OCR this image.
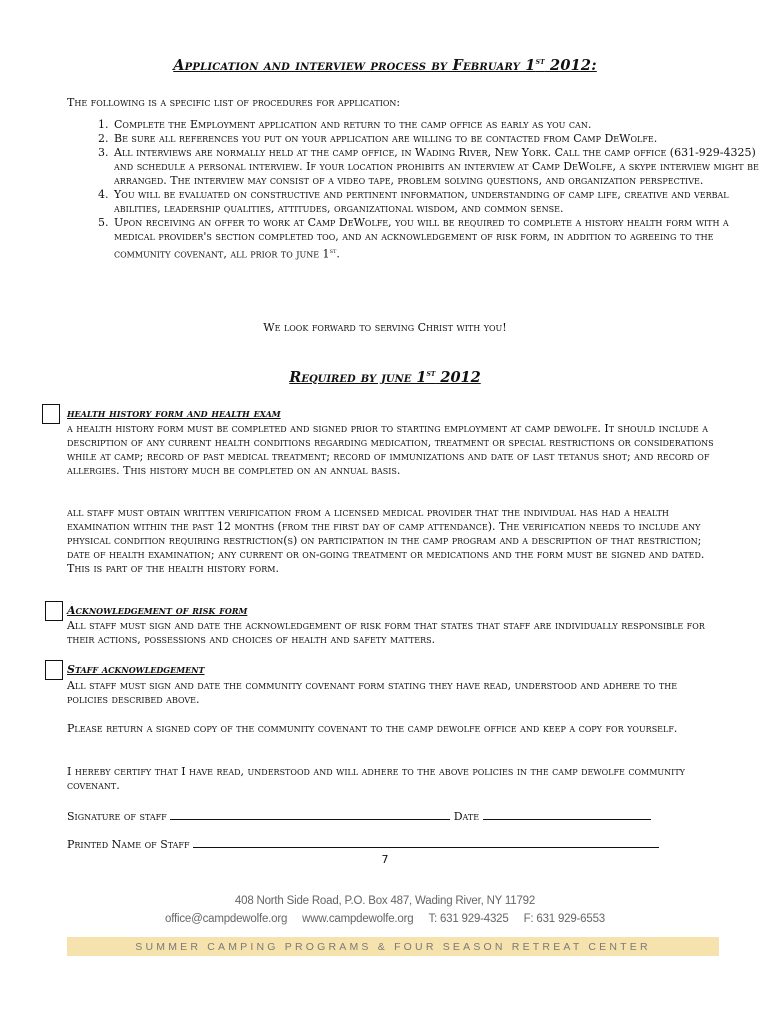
Application and interview process by February 1st 2012:
The following is a specific list of procedures for application:
1. Complete the Employment application and return to the camp office as early as you can.
2. Be sure all references you put on your application are willing to be contacted from Camp DeWolfe.
3. All interviews are normally held at the camp office, in Wading River, New York. Call the camp office (631-929-4325) and schedule a personal interview. If your location prohibits an interview at Camp DeWolfe, a skype interview might be arranged. The interview may consist of a video tape, problem solving questions, and organization perspective.
4. You will be evaluated on constructive and pertinent information, understanding of camp life, creative and verbal abilities, leadership qualities, attitudes, organizational wisdom, and common sense.
5. Upon receiving an offer to work at Camp DeWolfe, you will be required to complete a history health form with a medical provider's section completed too, and an acknowledgement of risk form, in addition to agreeing to the community covenant, all prior to june 1st.
We look forward to serving Christ with you!
Required by june 1st 2012
health history form and health exam

a health history form must be completed and signed prior to starting employment at camp dewolfe. It should include a description of any current health conditions regarding medication, treatment or special restrictions or considerations while at camp; record of past medical treatment; record of immunizations and date of last tetanus shot; and record of allergies. This history much be completed on an annual basis.

all staff must obtain written verification from a licensed medical provider that the individual has had a health examination within the past 12 months (from the first day of camp attendance). The verification needs to include any physical condition requiring restriction(s) on participation in the camp program and a description of that restriction; date of health examination; any current or on-going treatment or medications and the form must be signed and dated. This is part of the health history form.

Acknowledgement of risk form

All staff must sign and date the acknowledgement of risk form that states that staff are individually responsible for their actions, possessions and choices of health and safety matters.

Staff acknowledgement

All staff must sign and date the community covenant form stating they have read, understood and adhere to the policies described above.

Please return a signed copy of the community covenant to the camp dewolfe office and keep a copy for yourself.

I hereby certify that I have read, understood and will adhere to the above policies in the camp dewolfe community covenant.

Signature of staff	Date
Printed Name of Staff
7
408 North Side Road, P.O. Box 487, Wading River, NY 11792
office@campdewolfe.org www.campdewolfe.org T: 631 929-4325 F: 631 929-6553
SUMMER CAMPING PROGRAMS & FOUR SEASON RETREAT CENTER
